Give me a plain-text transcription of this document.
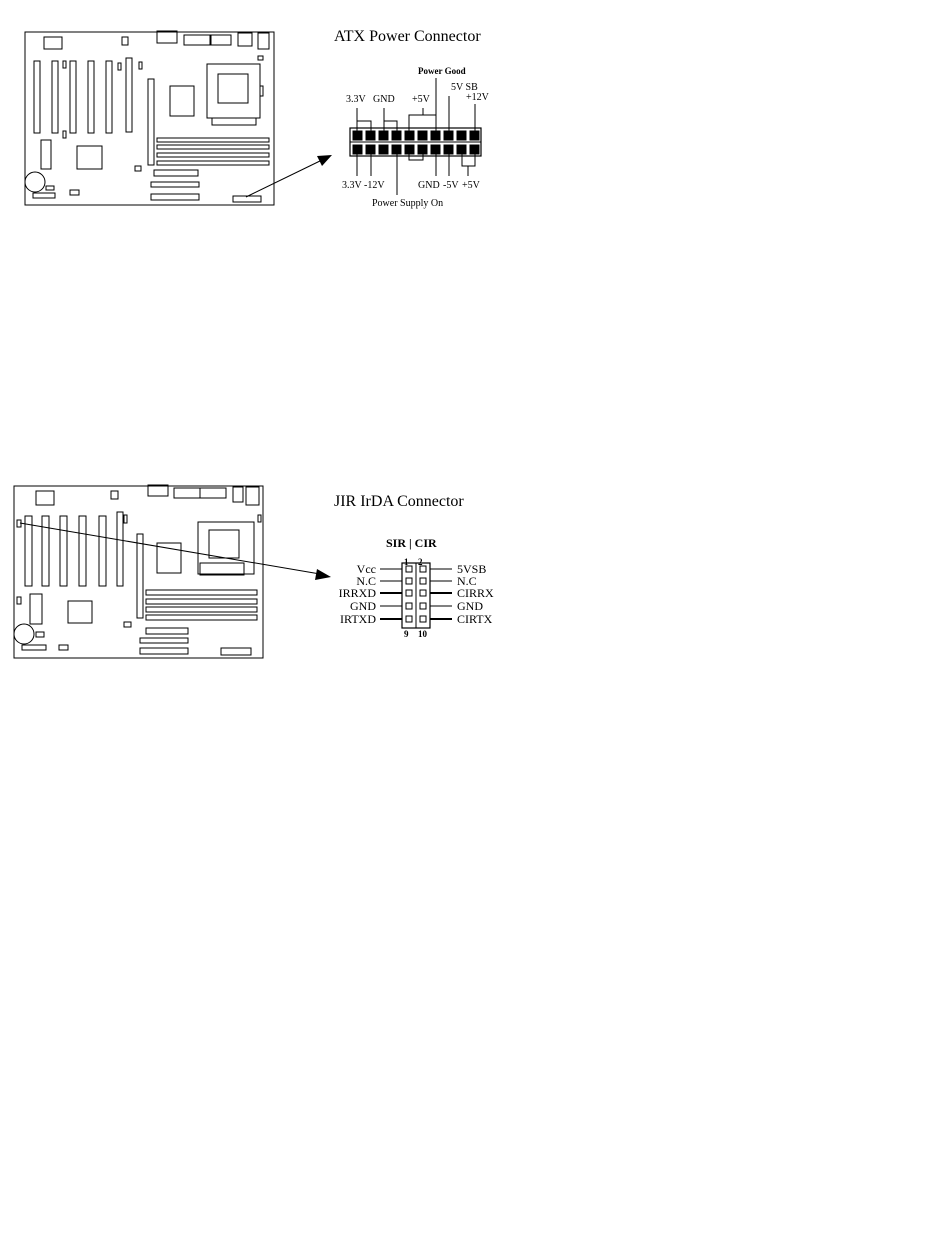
ATX Power Connector
3.3V GND +5V
Power Good
5V SB
+12V
3.3V -12V	GND -5V +5V
Power Supply On
JIR IrDA Connector
SIR | CIR
1 2
9 10
Vcc
N.C
IRRXD
GND
IRTXD
5VSB
N.C
CIRRX
GND
CIRTX
